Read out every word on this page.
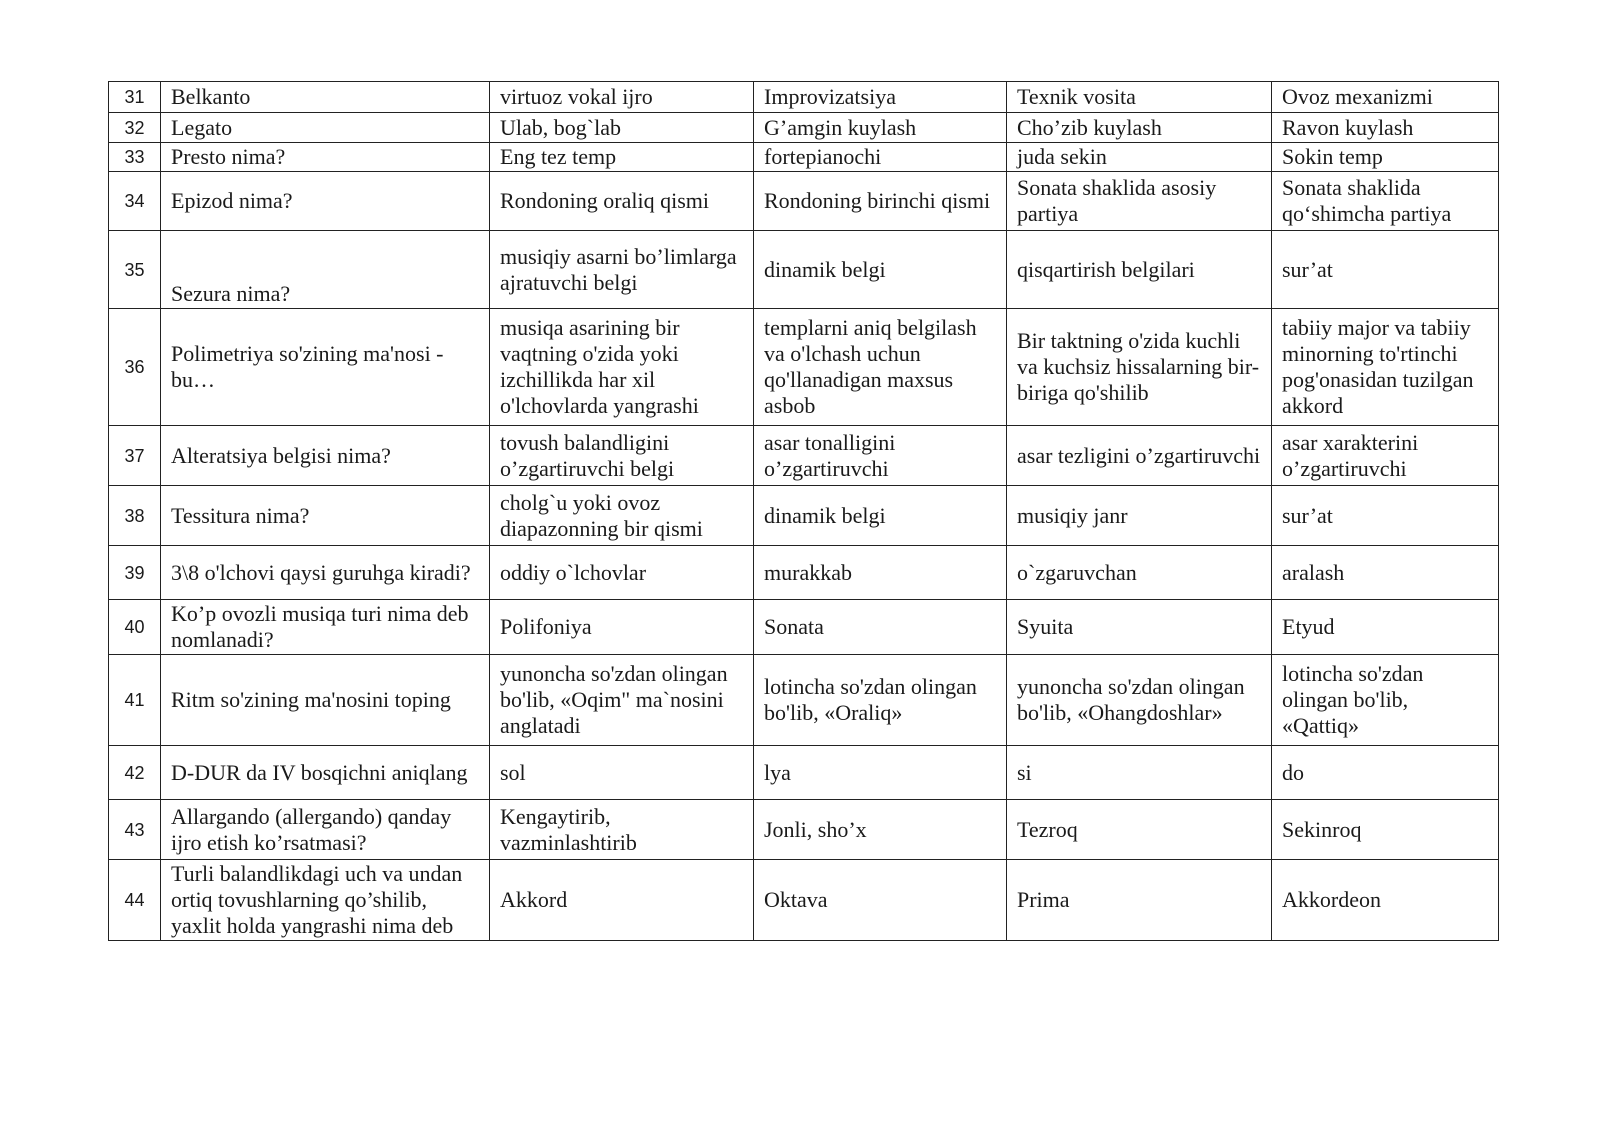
31	Belkanto	virtuoz vokal ijro	Improvizatsiya	Texnik vosita	Ovoz mexanizmi
32	Legato	Ulab, bog`lab	G’amgin kuylash	Cho’zib kuylash	Ravon kuylash
33	Presto nima?	Eng tez temp	fortepianochi	juda sekin	Sokin temp
34	Epizod nima?	Rondoning oraliq qismi	Rondoning birinchi qismi	Sonata shaklida asosiy partiya	Sonata shaklida qo‘shimcha partiya
35	Sezura nima?	musiqiy asarni bo’limlarga ajratuvchi belgi	dinamik belgi	qisqartirish belgilari	sur’at
36	Polimetriya so'zining ma'nosi - bu…	musiqa asarining bir vaqtning o'zida yoki izchillikda har xil o'lchovlarda yangrashi	templarni aniq belgilash va o'lchash uchun qo'llanadigan maxsus asbob	Bir taktning o'zida kuchli va kuchsiz hissalarning bir-biriga qo'shilib	tabiiy major va tabiiy minorning to'rtinchi pog'onasidan tuzilgan akkord
37	Alteratsiya belgisi nima?	tovush balandligini o’zgartiruvchi belgi	asar tonalligini o’zgartiruvchi	asar tezligini o’zgartiruvchi	asar xarakterini o’zgartiruvchi
38	Tessitura nima?	cholg`u yoki ovoz diapazonning bir qismi	dinamik belgi	musiqiy janr	sur’at
39	3\8 o'lchovi qaysi guruhga kiradi?	oddiy o`lchovlar	murakkab	o`zgaruvchan	aralash
40	Ko’p ovozli musiqa turi nima deb nomlanadi?	Polifoniya	Sonata	Syuita	Etyud
41	Ritm so'zining ma'nosini toping	yunoncha so'zdan olingan bo'lib, «Oqim" ma`nosini anglatadi	lotincha so'zdan olingan bo'lib, «Oraliq»	yunoncha so'zdan olingan bo'lib, «Ohangdoshlar»	lotincha so'zdan olingan bo'lib, «Qattiq»
42	D-DUR da IV bosqichni aniqlang	sol	lya	si	do
43	Allargando (allergando) qanday ijro etish ko’rsatmasi?	Kengaytirib, vazminlashtirib	Jonli, sho’x	Tezroq	Sekinroq
44	Turli balandlikdagi uch va undan ortiq tovushlarning qo’shilib, yaxlit holda yangrashi nima deb	Akkord	Oktava	Prima	Akkordeon
